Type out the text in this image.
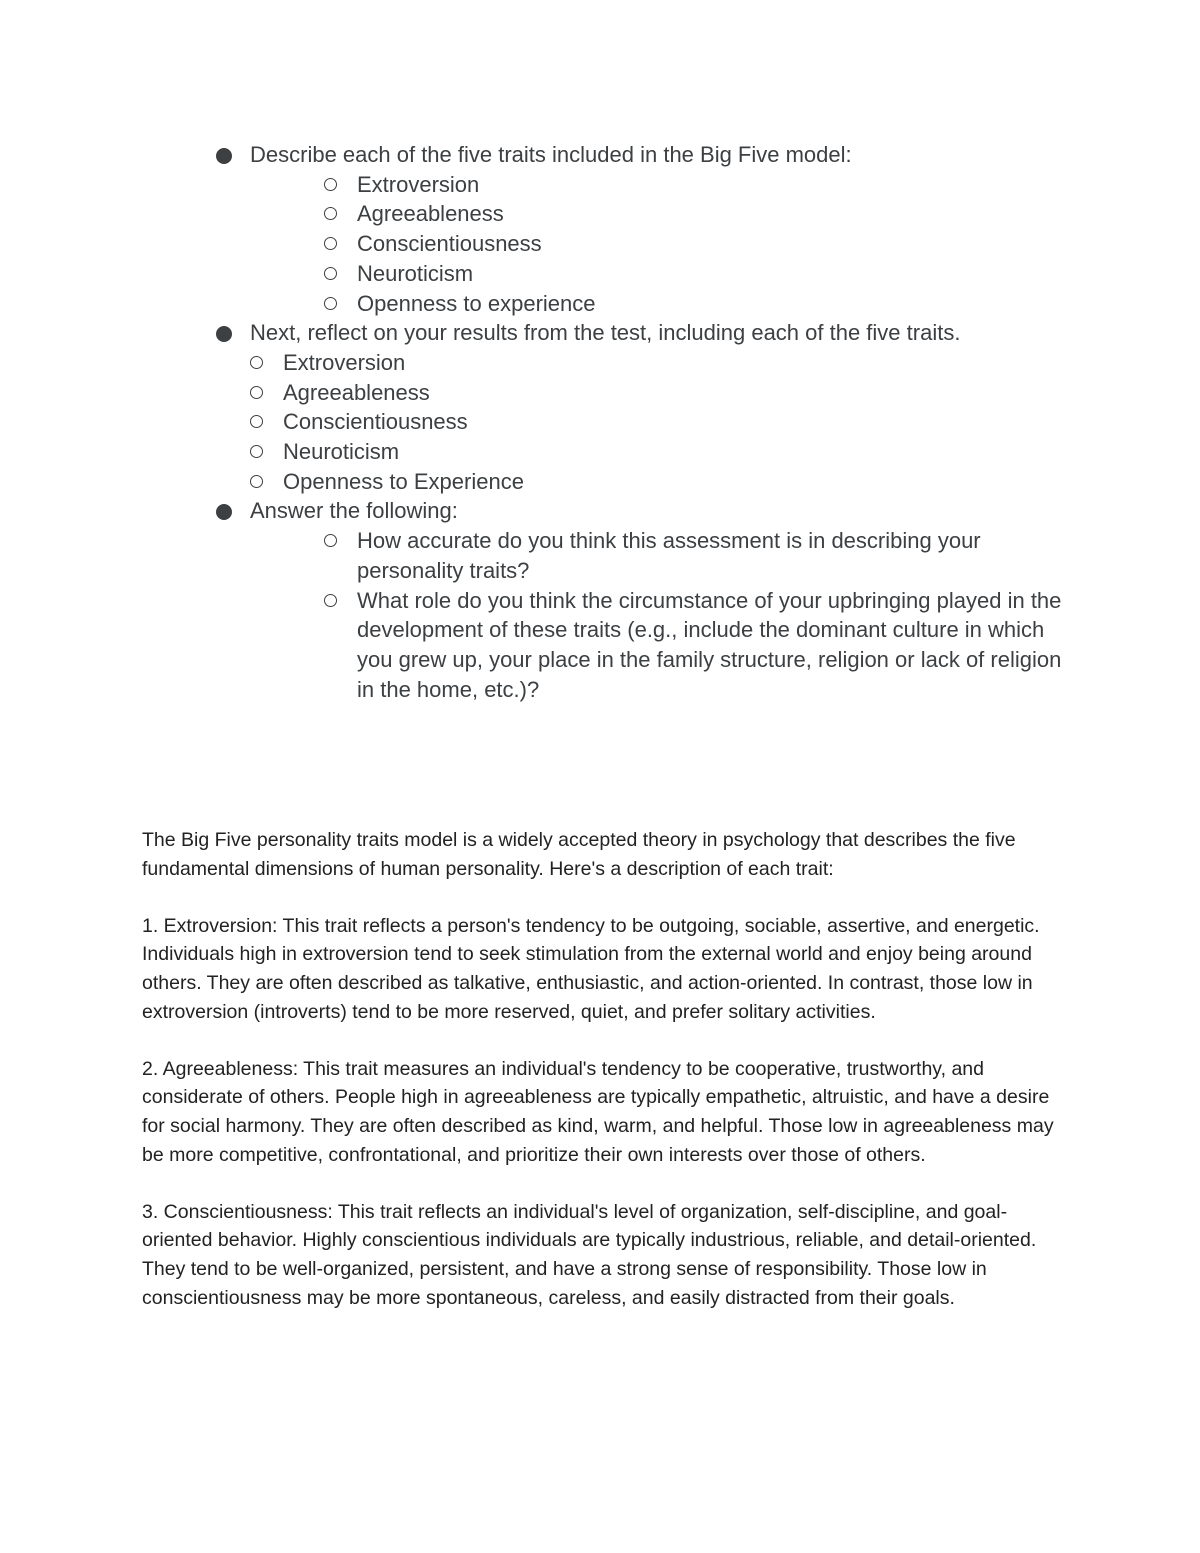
Describe each of the five traits included in the Big Five model:
Extroversion
Agreeableness
Conscientiousness
Neuroticism
Openness to experience
Next, reflect on your results from the test, including each of the five traits.
Extroversion
Agreeableness
Conscientiousness
Neuroticism
Openness to Experience
Answer the following:
How accurate do you think this assessment is in describing your personality traits?
What role do you think the circumstance of your upbringing played in the development of these traits (e.g., include the dominant culture in which you grew up, your place in the family structure, religion or lack of religion in the home, etc.)?

The Big Five personality traits model is a widely accepted theory in psychology that describes the five fundamental dimensions of human personality. Here's a description of each trait:

1. Extroversion: This trait reflects a person's tendency to be outgoing, sociable, assertive, and energetic. Individuals high in extroversion tend to seek stimulation from the external world and enjoy being around others. They are often described as talkative, enthusiastic, and action-oriented. In contrast, those low in extroversion (introverts) tend to be more reserved, quiet, and prefer solitary activities.

2. Agreeableness: This trait measures an individual's tendency to be cooperative, trustworthy, and considerate of others. People high in agreeableness are typically empathetic, altruistic, and have a desire for social harmony. They are often described as kind, warm, and helpful. Those low in agreeableness may be more competitive, confrontational, and prioritize their own interests over those of others.

3. Conscientiousness: This trait reflects an individual's level of organization, self-discipline, and goal-oriented behavior. Highly conscientious individuals are typically industrious, reliable, and detail-oriented. They tend to be well-organized, persistent, and have a strong sense of responsibility. Those low in conscientiousness may be more spontaneous, careless, and easily distracted from their goals.
